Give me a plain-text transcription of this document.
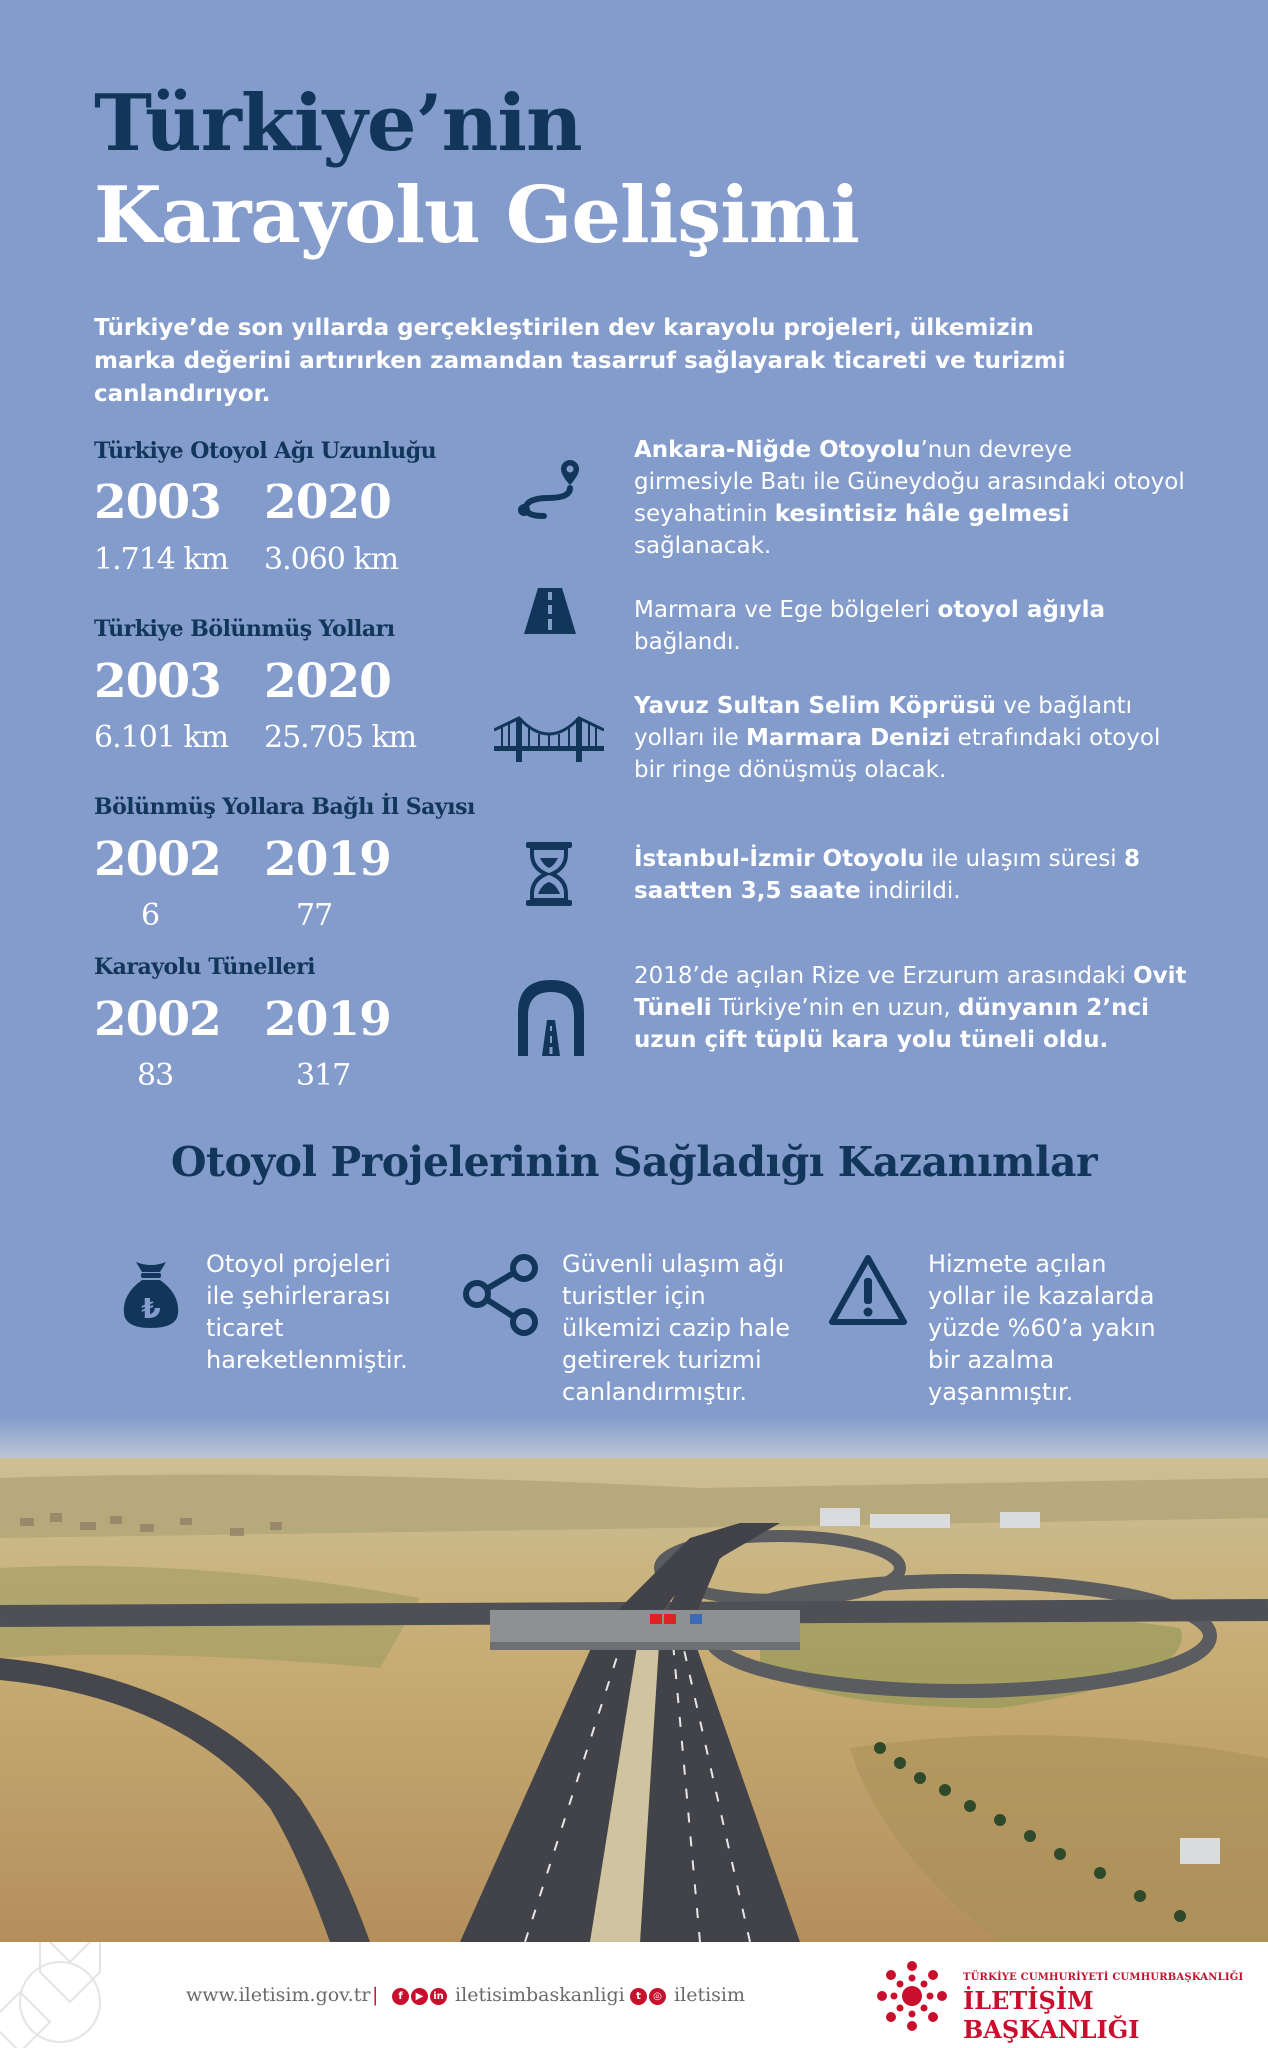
Türkiye’nin
Karayolu Gelişimi
Türkiye’de son yıllarda gerçekleştirilen dev karayolu projeleri, ülkemizin marka değerini artırırken zamandan tasarruf sağlayarak ticareti ve turizmi canlandırıyor.
Türkiye Otoyol Ağı Uzunluğu
2003 2020
1.714 km 3.060 km
Türkiye Bölünmüş Yolları
2003 2020
6.101 km 25.705 km
Bölünmüş Yollara Bağlı İl Sayısı
2002 2019
6	77
Karayolu Tünelleri
2002 2019
83	317
Ankara-Niğde Otoyolu’nun devreye girmesiyle Batı ile Güneydoğu arasındaki otoyol seyahatinin kesintisiz hâle gelmesi sağlanacak.
Marmara ve Ege bölgeleri otoyol ağıyla bağlandı.
Yavuz Sultan Selim Köprüsü ve bağlantı yolları ile Marmara Denizi etrafındaki otoyol bir ringe dönüşmüş olacak.
İstanbul-İzmir Otoyolu ile ulaşım süresi 8 saatten 3,5 saate indirildi.
2018’de açılan Rize ve Erzurum arasındaki Ovit Tüneli Türkiye’nin en uzun, dünyanın 2’nci uzun çift tüplü kara yolu tüneli oldu.
Otoyol Projelerinin Sağladığı Kazanımlar
₺
Otoyol projeleri ile şehirlerarası ticaret hareketlenmiştir.
Güvenli ulaşım ağı turistler için ülkemizi cazip hale getirerek turizmi canlandırmıştır.
Hizmete açılan yollar ile kazalarda yüzde %60’a yakın bir azalma yaşanmıştır.
www.iletisim.gov.tr |	f ▶ in iletisimbaskanligi	t ◎ iletisim
TÜRKİYE CUMHURİYETİ CUMHURBAŞKANLIĞI
İLETİŞİM BAŞKANLIĞI
